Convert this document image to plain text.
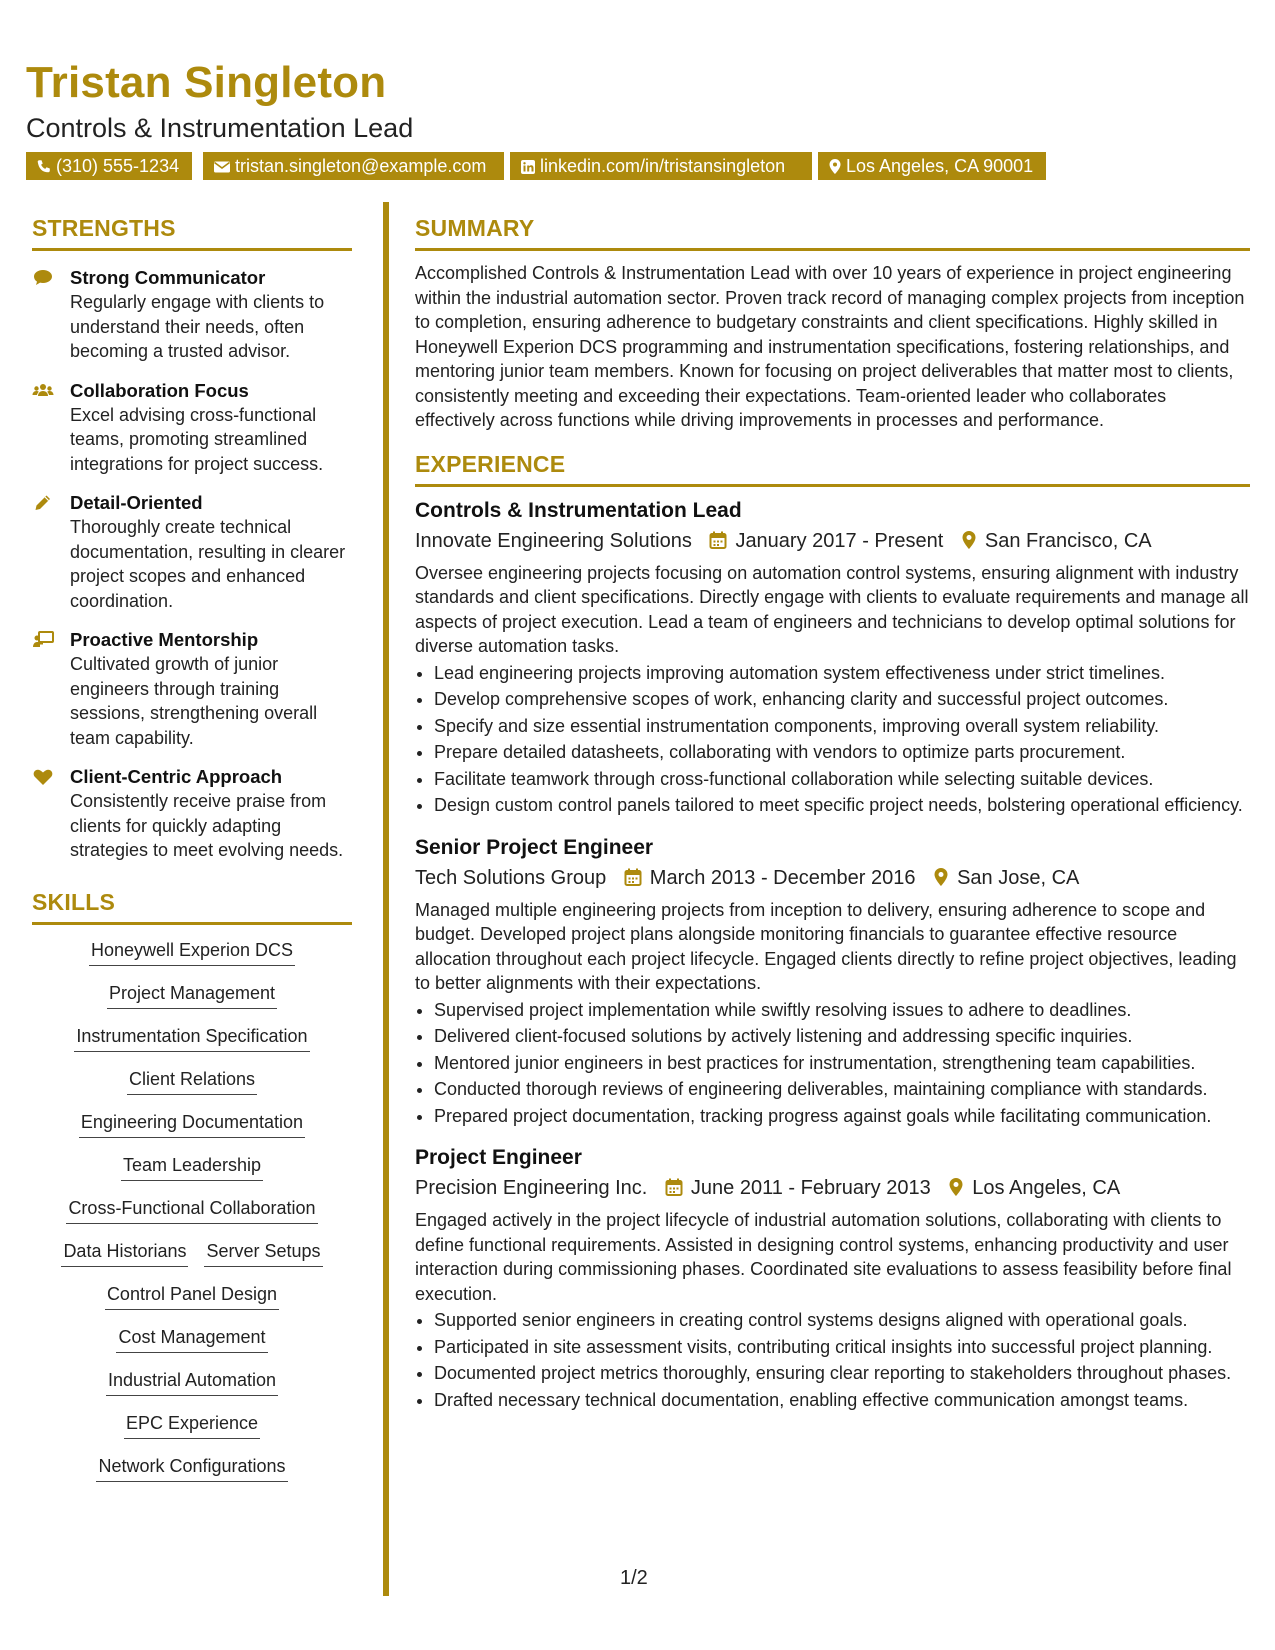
Tristan Singleton
Controls & Instrumentation Lead
(310) 555-1234	tristan.singleton@example.com	linkedin.com/in/tristansingleton	Los Angeles, CA 90001
STRENGTHS
Strong Communicator
Regularly engage with clients to understand their needs, often becoming a trusted advisor.
Collaboration Focus
Excel advising cross-functional teams, promoting streamlined integrations for project success.
Detail-Oriented
Thoroughly create technical documentation, resulting in clearer project scopes and enhanced coordination.
Proactive Mentorship
Cultivated growth of junior engineers through training sessions, strengthening overall team capability.
Client-Centric Approach
Consistently receive praise from clients for quickly adapting strategies to meet evolving needs.
SKILLS
Honeywell Experion DCS
Project Management
Instrumentation Specification
Client Relations
Engineering Documentation
Team Leadership
Cross-Functional Collaboration
Data Historians Server Setups
Control Panel Design
Cost Management
Industrial Automation
EPC Experience
Network Configurations
SUMMARY

Accomplished Controls & Instrumentation Lead with over 10 years of experience in project engineering within the industrial automation sector. Proven track record of managing complex projects from inception to completion, ensuring adherence to budgetary constraints and client specifications. Highly skilled in Honeywell Experion DCS programming and instrumentation specifications, fostering relationships, and mentoring junior team members. Known for focusing on project deliverables that matter most to clients, consistently meeting and exceeding their expectations. Team-oriented leader who collaborates effectively across functions while driving improvements in processes and performance.

EXPERIENCE
Controls & Instrumentation Lead
Innovate Engineering Solutions January 2017 - Present San Francisco, CA
Oversee engineering projects focusing on automation control systems, ensuring alignment with industry standards and client specifications. Directly engage with clients to evaluate requirements and manage all aspects of project execution. Lead a team of engineers and technicians to develop optimal solutions for diverse automation tasks.
• Lead engineering projects improving automation system effectiveness under strict timelines.
• Develop comprehensive scopes of work, enhancing clarity and successful project outcomes.
• Specify and size essential instrumentation components, improving overall system reliability.
• Prepare detailed datasheets, collaborating with vendors to optimize parts procurement.
• Facilitate teamwork through cross-functional collaboration while selecting suitable devices.
• Design custom control panels tailored to meet specific project needs, bolstering operational efficiency.
Senior Project Engineer
Tech Solutions Group March 2013 - December 2016 San Jose, CA
Managed multiple engineering projects from inception to delivery, ensuring adherence to scope and budget. Developed project plans alongside monitoring financials to guarantee effective resource allocation throughout each project lifecycle. Engaged clients directly to refine project objectives, leading to better alignments with their expectations.
• Supervised project implementation while swiftly resolving issues to adhere to deadlines.
• Delivered client-focused solutions by actively listening and addressing specific inquiries.
• Mentored junior engineers in best practices for instrumentation, strengthening team capabilities.
• Conducted thorough reviews of engineering deliverables, maintaining compliance with standards.
• Prepared project documentation, tracking progress against goals while facilitating communication.
Project Engineer
Precision Engineering Inc. June 2011 - February 2013 Los Angeles, CA
Engaged actively in the project lifecycle of industrial automation solutions, collaborating with clients to define functional requirements. Assisted in designing control systems, enhancing productivity and user interaction during commissioning phases. Coordinated site evaluations to assess feasibility before final execution.
• Supported senior engineers in creating control systems designs aligned with operational goals.
• Participated in site assessment visits, contributing critical insights into successful project planning.
• Documented project metrics thoroughly, ensuring clear reporting to stakeholders throughout phases.
• Drafted necessary technical documentation, enabling effective communication amongst teams.
1/2
